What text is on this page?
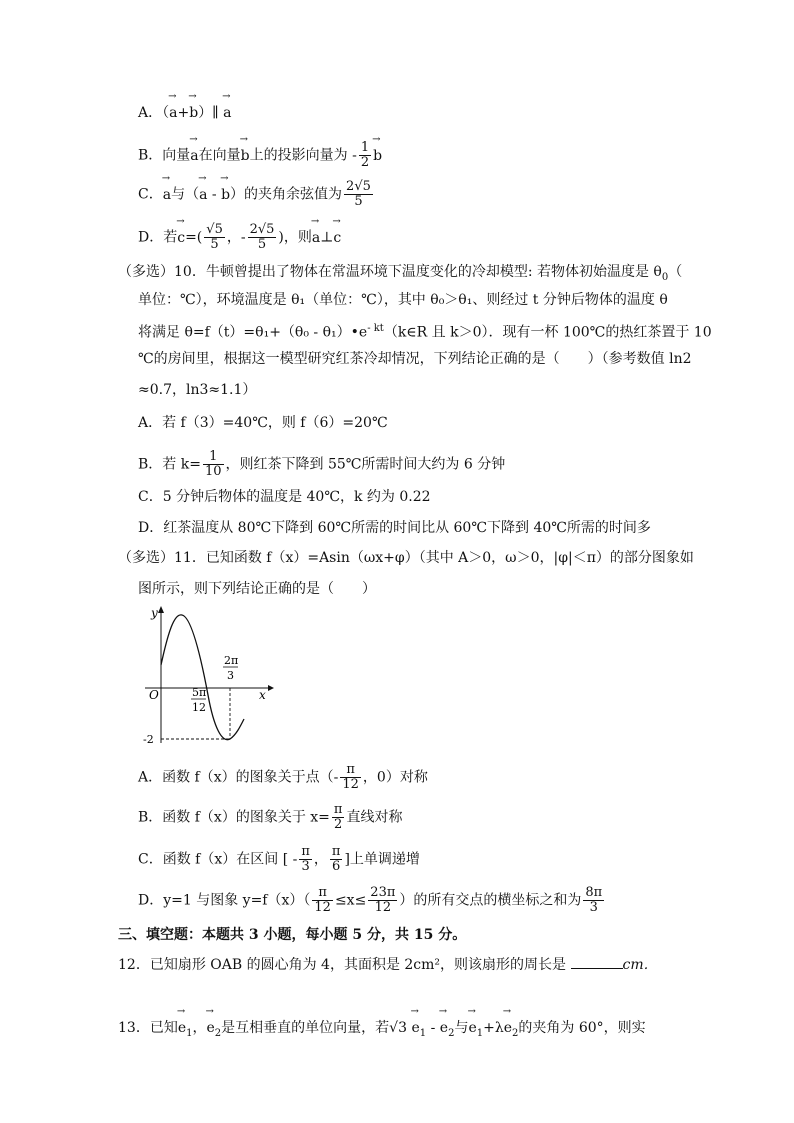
A．（→ a+→ b）∥ → a
B．向量→ a在向量→ b上的投影向量为 - $\frac{1}{2}$
→ b
C．→ a与（→ a - → b）的夹角余弦值为 $\frac{2√5}{5}$
D．若→ $c=( \frac{√5}{5}$ ，- $\frac{2√5}{5}$ )，则→ a⊥→ c
（多选）10．牛顿曾提出了物体在常温环境下温度变化的冷却模型: 若物体初始温度是 $\theta_0$（
单位：℃），环境温度是 θ₁（单位：℃），其中 θ₀＞θ₁、则经过 t 分钟后物体的温度 θ
将满足 $\theta=f(t)=\theta_1+(\theta_0 - \theta_1)•e^{- kt}(k\in R$ 且 k＞0）．现有一杯 100℃的热红茶置于 10
℃的房间里，根据这一模型研究红茶冷却情况，下列结论正确的是（　　）（参考数值 ln2
≈0.7，ln3≈1.1）
A．若 f（3）=40℃，则 f（6）=20℃
B．若 $k= \frac{1}{10}$ ，则红茶下降到 55℃所需时间大约为 6 分钟
C．5 分钟后物体的温度是 40℃，k 约为 0.22
D．红茶温度从 80℃下降到 60℃所需的时间比从 60℃下降到 40℃所需的时间多
（多选）11．已知函数 f（x）=Asin（ωx+φ）（其中 A＞0，ω＞0，|φ|＜π）的部分图象如
图所示，则下列结论正确的是（　　）
y
x
O	5π
12
2π
3
-2
A．函数 f（x）的图象关于点（- $\frac{\pi}{12}$ ，0）对称
B．函数 f（x）的图象关于 $x= \frac{\pi}{2}$ 直线对称
C．函数 f（x）在区间 [ - $\frac{\pi}{3}$ ， $\frac{\pi}{6}$ ]上单调递增
D．y=1 与图象 $y=f(x)( \frac{\pi}{12} \le x\le \frac{23\pi}{12}$ ）的所有交点的横坐标之和为 $\frac{8\pi}{3}$
三、填空题：本题共 3 小题，每小题 5 分，共 15 分。
12．已知扇形 OAB 的圆心角为 4，其面积是 2cm²，则该扇形的周长是	cm．
13．已知→ $e_1$，→ $e_2$是互相垂直的单位向量，若$√3 \to e_1$ - → $e_2$与→ $e_1+\lambda\to e_2$的夹角为 60°，则实
